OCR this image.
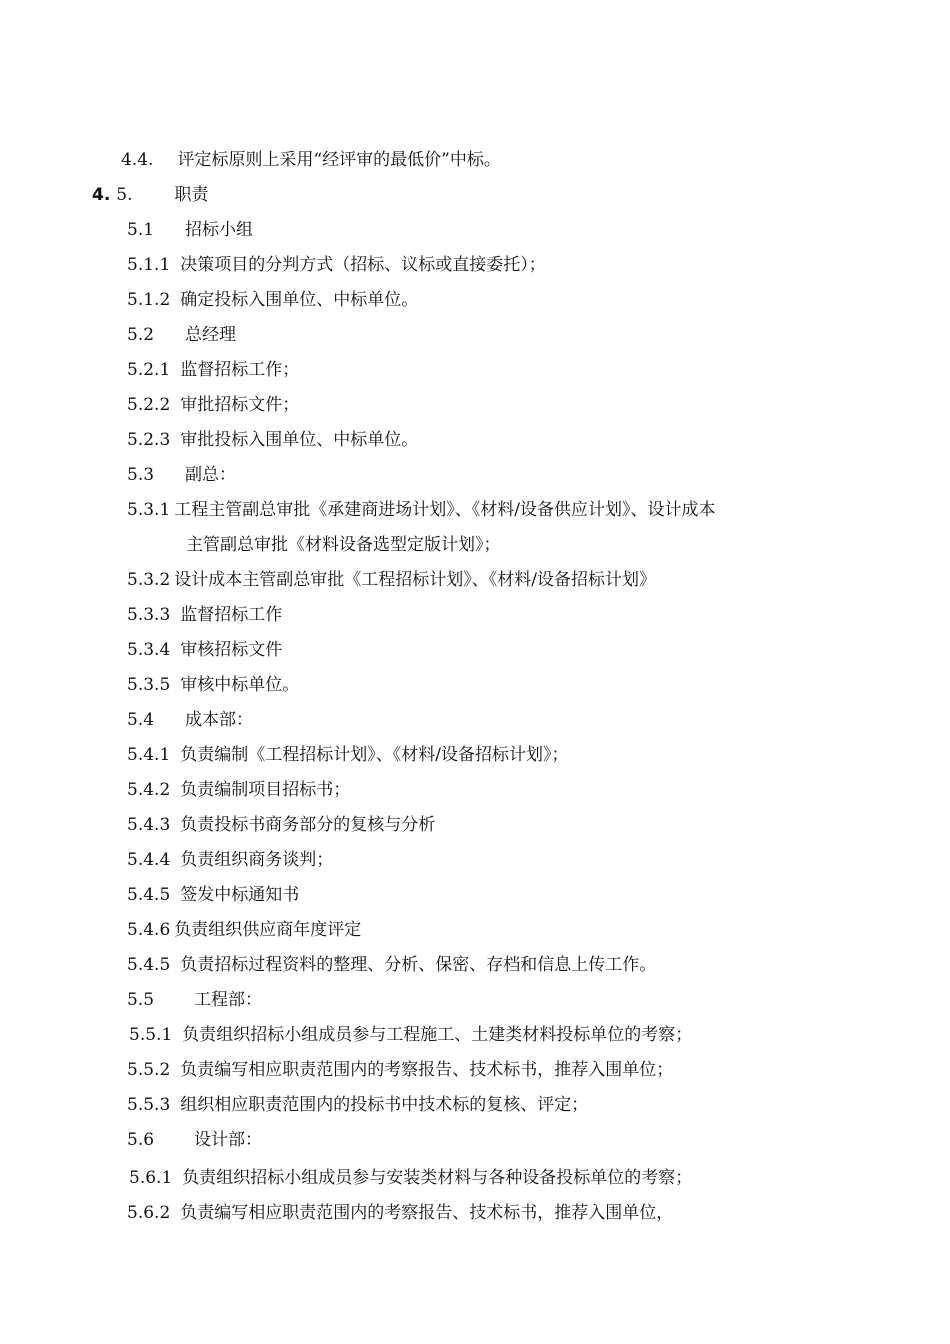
4.4. 评定标原则上采用“经评审的最低价”中标。
4. 5. 职责
5.1 招标小组
5.1.1 决策项目的分判方式（招标、议标或直接委托）；
5.1.2 确定投标入围单位、中标单位。
5.2 总经理
5.2.1 监督招标工作；
5.2.2 审批招标文件；
5.2.3 审批投标入围单位、中标单位。
5.3 副总：
5.3.1 工程主管副总审批《承建商进场计划》、《材料/设备供应计划》、设计成本
主管副总审批《材料设备选型定版计划》；
5.3.2 设计成本主管副总审批《工程招标计划》、《材料/设备招标计划》
5.3.3 监督招标工作
5.3.4 审核招标文件
5.3.5 审核中标单位。
5.4 成本部：
5.4.1 负责编制《工程招标计划》、《材料/设备招标计划》；
5.4.2 负责编制项目招标书；
5.4.3 负责投标书商务部分的复核与分析
5.4.4 负责组织商务谈判；
5.4.5 签发中标通知书
5.4.6 负责组织供应商年度评定
5.4.5 负责招标过程资料的整理、分析、保密、存档和信息上传工作。
5.5 工程部：
5.5.1 负责组织招标小组成员参与工程施工、土建类材料投标单位的考察；
5.5.2 负责编写相应职责范围内的考察报告、技术标书，推荐入围单位；
5.5.3 组织相应职责范围内的投标书中技术标的复核、评定；
5.6 设计部：
5.6.1 负责组织招标小组成员参与安装类材料与各种设备投标单位的考察；
5.6.2 负责编写相应职责范围内的考察报告、技术标书，推荐入围单位，
